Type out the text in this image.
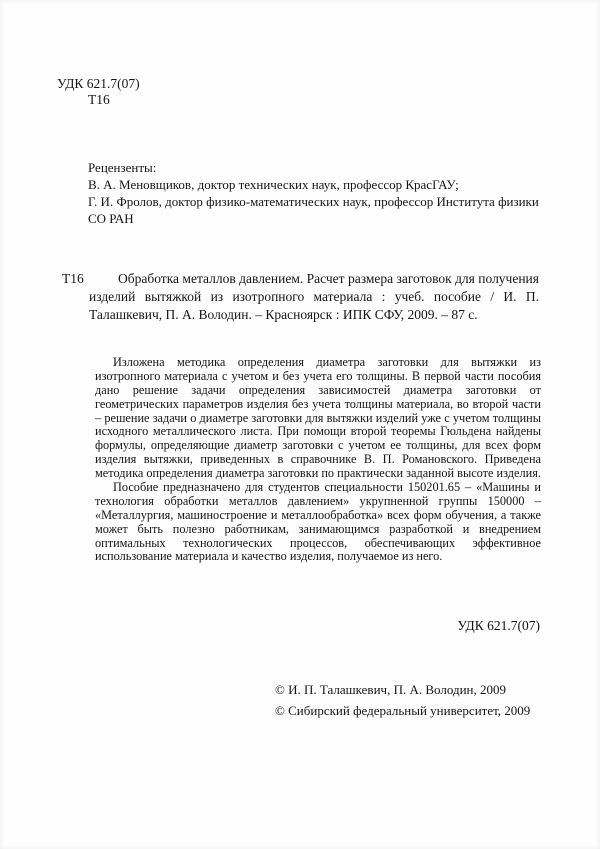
УДК 621.7(07)
Т16

Рецензенты:

В. А. Меновщиков, доктор технических наук, профессор КрасГАУ;

Г. И. Фролов, доктор физико-математических наук, профессор Института физики СО РАН

Т16	Обработка металлов давлением. Расчет размера заготовок для получения изделий вытяжкой из изотропного материала : учеб. пособие / И. П. Талашкевич, П. А. Володин. – Красноярск : ИПК СФУ, 2009. – 87 с.

Изложена методика определения диаметра заготовки для вытяжки из изотропного материала с учетом и без учета его толщины. В первой части пособия дано решение задачи определения зависимостей диаметра заготовки от геометрических параметров изделия без учета толщины материала, во второй части – решение задачи о диаметре заготовки для вытяжки изделий уже с учетом толщины исходного металлического листа. При помощи второй теоремы Гюльдена найдены формулы, определяющие диаметр заготовки с учетом ее толщины, для всех форм изделия вытяжки, приведенных в справочнике В. П. Романовского. Приведена методика определения диаметра заготовки по практически заданной высоте изделия.

Пособие предназначено для студентов специальности 150201.65 – «Машины и технология обработки металлов давлением» укрупненной группы 150000 – «Металлургия, машиностроение и металлообработка» всех форм обучения, а также может быть полезно работникам, занимающимся разработкой и внедрением оптимальных технологических процессов, обеспечивающих эффективное использование материала и качество изделия, получаемое из него.

УДК 621.7(07)

© И. П. Талашкевич, П. А. Володин, 2009

© Сибирский федеральный университет, 2009
